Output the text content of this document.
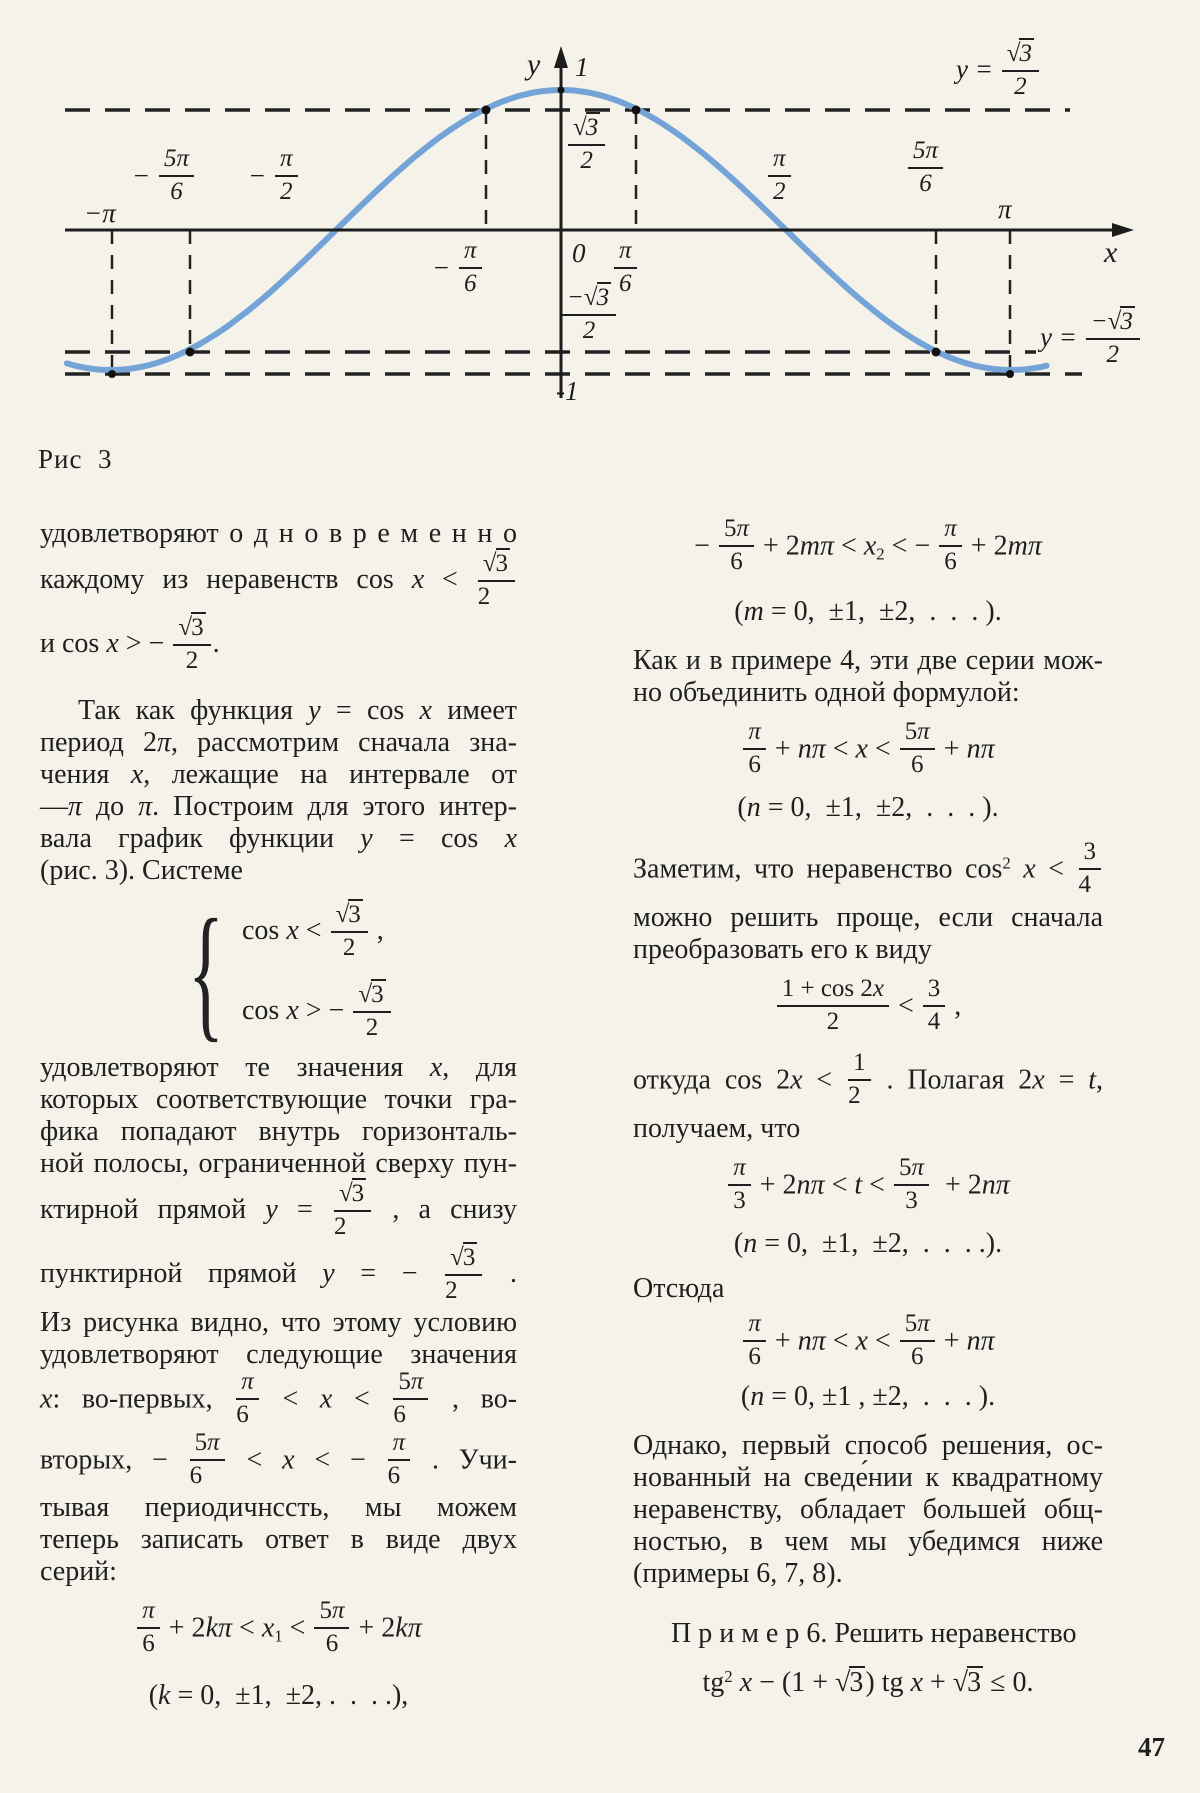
y 1
$\frac{√3}{2}$
0
$\frac{-√3}{2}$
-1
x
−π
− $\frac{5\pi}{6} - \frac{\pi}{2}$
− $\frac{\pi}{6}$	$\frac{\pi}{6}$
$\frac{\pi}{2}$	$\frac{5\pi}{6}$
π
$y = \frac{√3}{2}$
$y = \frac{-√3}{2}$
Рис  3
удовлетворяют о д н о в р е м е н н о
каждому из неравенств $\cos x < \frac{√3}{2}$
и cos x > − $\frac{√3}{2}$ .
Так как функция y = cos x имеет
период 2π, рассмотрим сначала зна-
чения x, лежащие на интервале от
—π до π. Построим для этого интер-
вала график функции y = cos x
(рис. 3). Системе
{ $\cos x < \frac{√3}{2}$ ,
cos x > − $\frac{√3}{2}$
удовлетворяют те значения x, для
которых соответствующие точки гра-
фика попадают внутрь горизонталь-
ной полосы, ограниченной сверху пун-
ктирной прямой $y = \frac{√3}{2}$ , а снизу
пунктирной прямой y = − $\frac{√3}{2}$ .
Из рисунка видно, что этому условию
удовлетворяют следующие значения
x: во-первых, $\frac{\pi}{6} < x < \frac{5\pi}{6}$ , во-
вторых, − $\frac{5\pi}{6} < x$ < − $\frac{\pi}{6}$ . Учи-
тывая периодичнссть, мы можем
теперь записать ответ в виде двух
серий:
$\frac{\pi}{6} + 2k\pi < x_1 < \frac{5\pi}{6} + 2k\pi$
(k = 0,  ±1,  ±2, .  .  . .),
− $\frac{5\pi}{6} + 2m\pi < x_2$ < − $\frac{\pi}{6} + 2m\pi$
(m = 0,  ±1,  ±2,  .  .  . ).
Как и в примере 4, эти две серии мож-
но объединить одной формулой:
$\frac{\pi}{6} + n\pi < x < \frac{5\pi}{6} + n\pi$
(n = 0,  ±1,  ±2,  .  .  . ).
Заметим, что неравенство $\cos^2 x < \frac{3}{4}$
можно решить проще, если сначала
преобразовать его к виду
$\frac{1 + \cos 2x}{2} < \frac{3}{4}$ ,
откуда $\cos 2x < \frac{1}{2}$ . Полагая 2x = t,
получаем, что
$\frac{\pi}{3} + 2n\pi < t < \frac{5\pi}{3} + 2n\pi$
(n = 0,  ±1,  ±2,  .  .  . .).
Отсюда
$\frac{\pi}{6} + n\pi < x < \frac{5\pi}{6} + n\pi$
(n = 0, ±1 , ±2,  .  .  . ).
Однако, первый способ решения, ос-
нованный на сведе́нии к квадратному
неравенству, обладает большей общ-
ностью, в чем мы убедимся ниже
(примеры 6, 7, 8).
П р и м е р 6. Решить неравенство
$tg^2$ x − (1 + √3) tg x + √3 ≤ 0.
47
